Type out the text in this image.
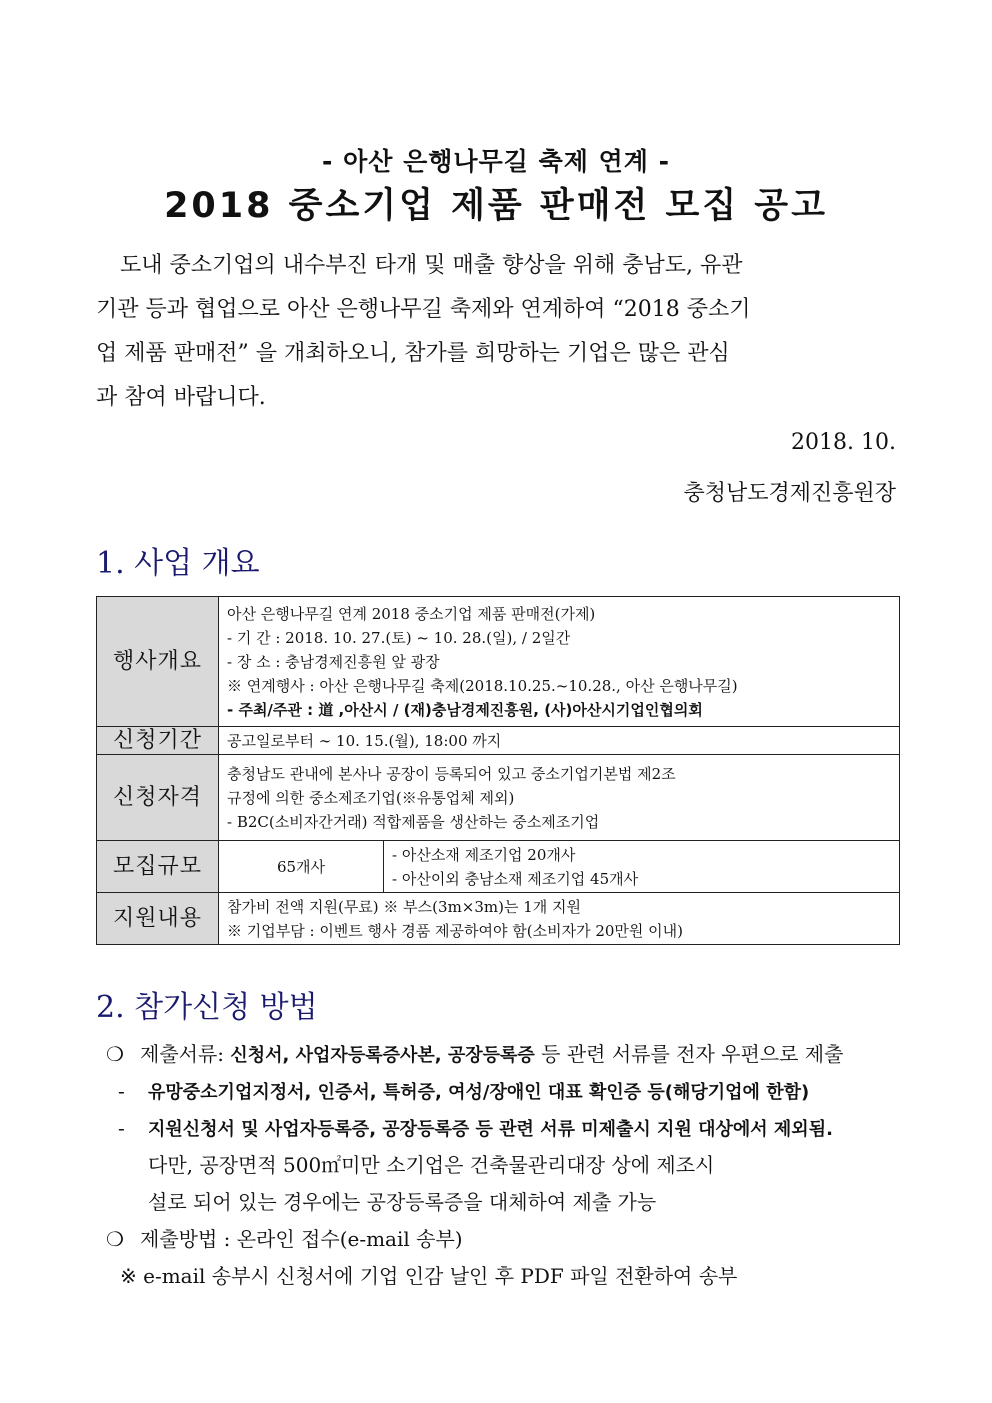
- 아산 은행나무길 축제 연계 -
2018 중소기업 제품 판매전 모집 공고
도내 중소기업의 내수부진 타개 및 매출 향상을 위해 충남도, 유관
기관 등과 협업으로 아산 은행나무길 축제와 연계하여 “2018 중소기
업 제품 판매전” 을 개최하오니, 참가를 희망하는 기업은 많은 관심
과 참여 바랍니다.
2018. 10.
충청남도경제진흥원장
1. 사업 개요
행사개요	아산 은행나무길 연계 2018 중소기업 제품 판매전(가제)
- 기 간 : 2018. 10. 27.(토) ~ 10. 28.(일), / 2일간
- 장 소 : 충남경제진흥원 앞 광장
※ 연계행사 : 아산 은행나무길 축제(2018.10.25.~10.28., 아산 은행나무길)
- 주최/주관 : 道 ,아산시 / (재)충남경제진흥원, (사)아산시기업인협의회	

신청기간	공고일로부터 ∼ 10. 15.(월), 18:00 까지	
신청자격	충청남도 관내에 본사나 공장이 등록되어 있고 중소기업기본법 제2조
규정에 의한 중소제조기업(※유통업체 제외)
- B2C(소비자간거래) 적합제품을 생산하는 중소제조기업	

모집규모	65개사	- 아산소재 제조기업 20개사
- 아산이외 충남소재 제조기업 45개사

지원내용	참가비 전액 지원(무료) ※ 부스(3m×3m)는 1개 지원
※ 기업부담 : 이벤트 행사 경품 제공하여야 함(소비자가 20만원 이내)	
2. 참가신청 방법
❍ 제출서류: 신청서, 사업자등록증사본, 공장등록증 등 관련 서류를 전자 우편으로 제출
- 유망중소기업지정서, 인증서, 특허증, 여성/장애인 대표 확인증 등(해당기업에 한함)
- 지원신청서 및 사업자등록증, 공장등록증 등 관련 서류 미제출시 지원 대상에서 제외됨.
다만, 공장면적 500㎡미만 소기업은 건축물관리대장 상에 제조시
설로 되어 있는 경우에는 공장등록증을 대체하여 제출 가능
❍ 제출방법 : 온라인 접수(e-mail 송부)
※ e-mail 송부시 신청서에 기업 인감 날인 후 PDF 파일 전환하여 송부
